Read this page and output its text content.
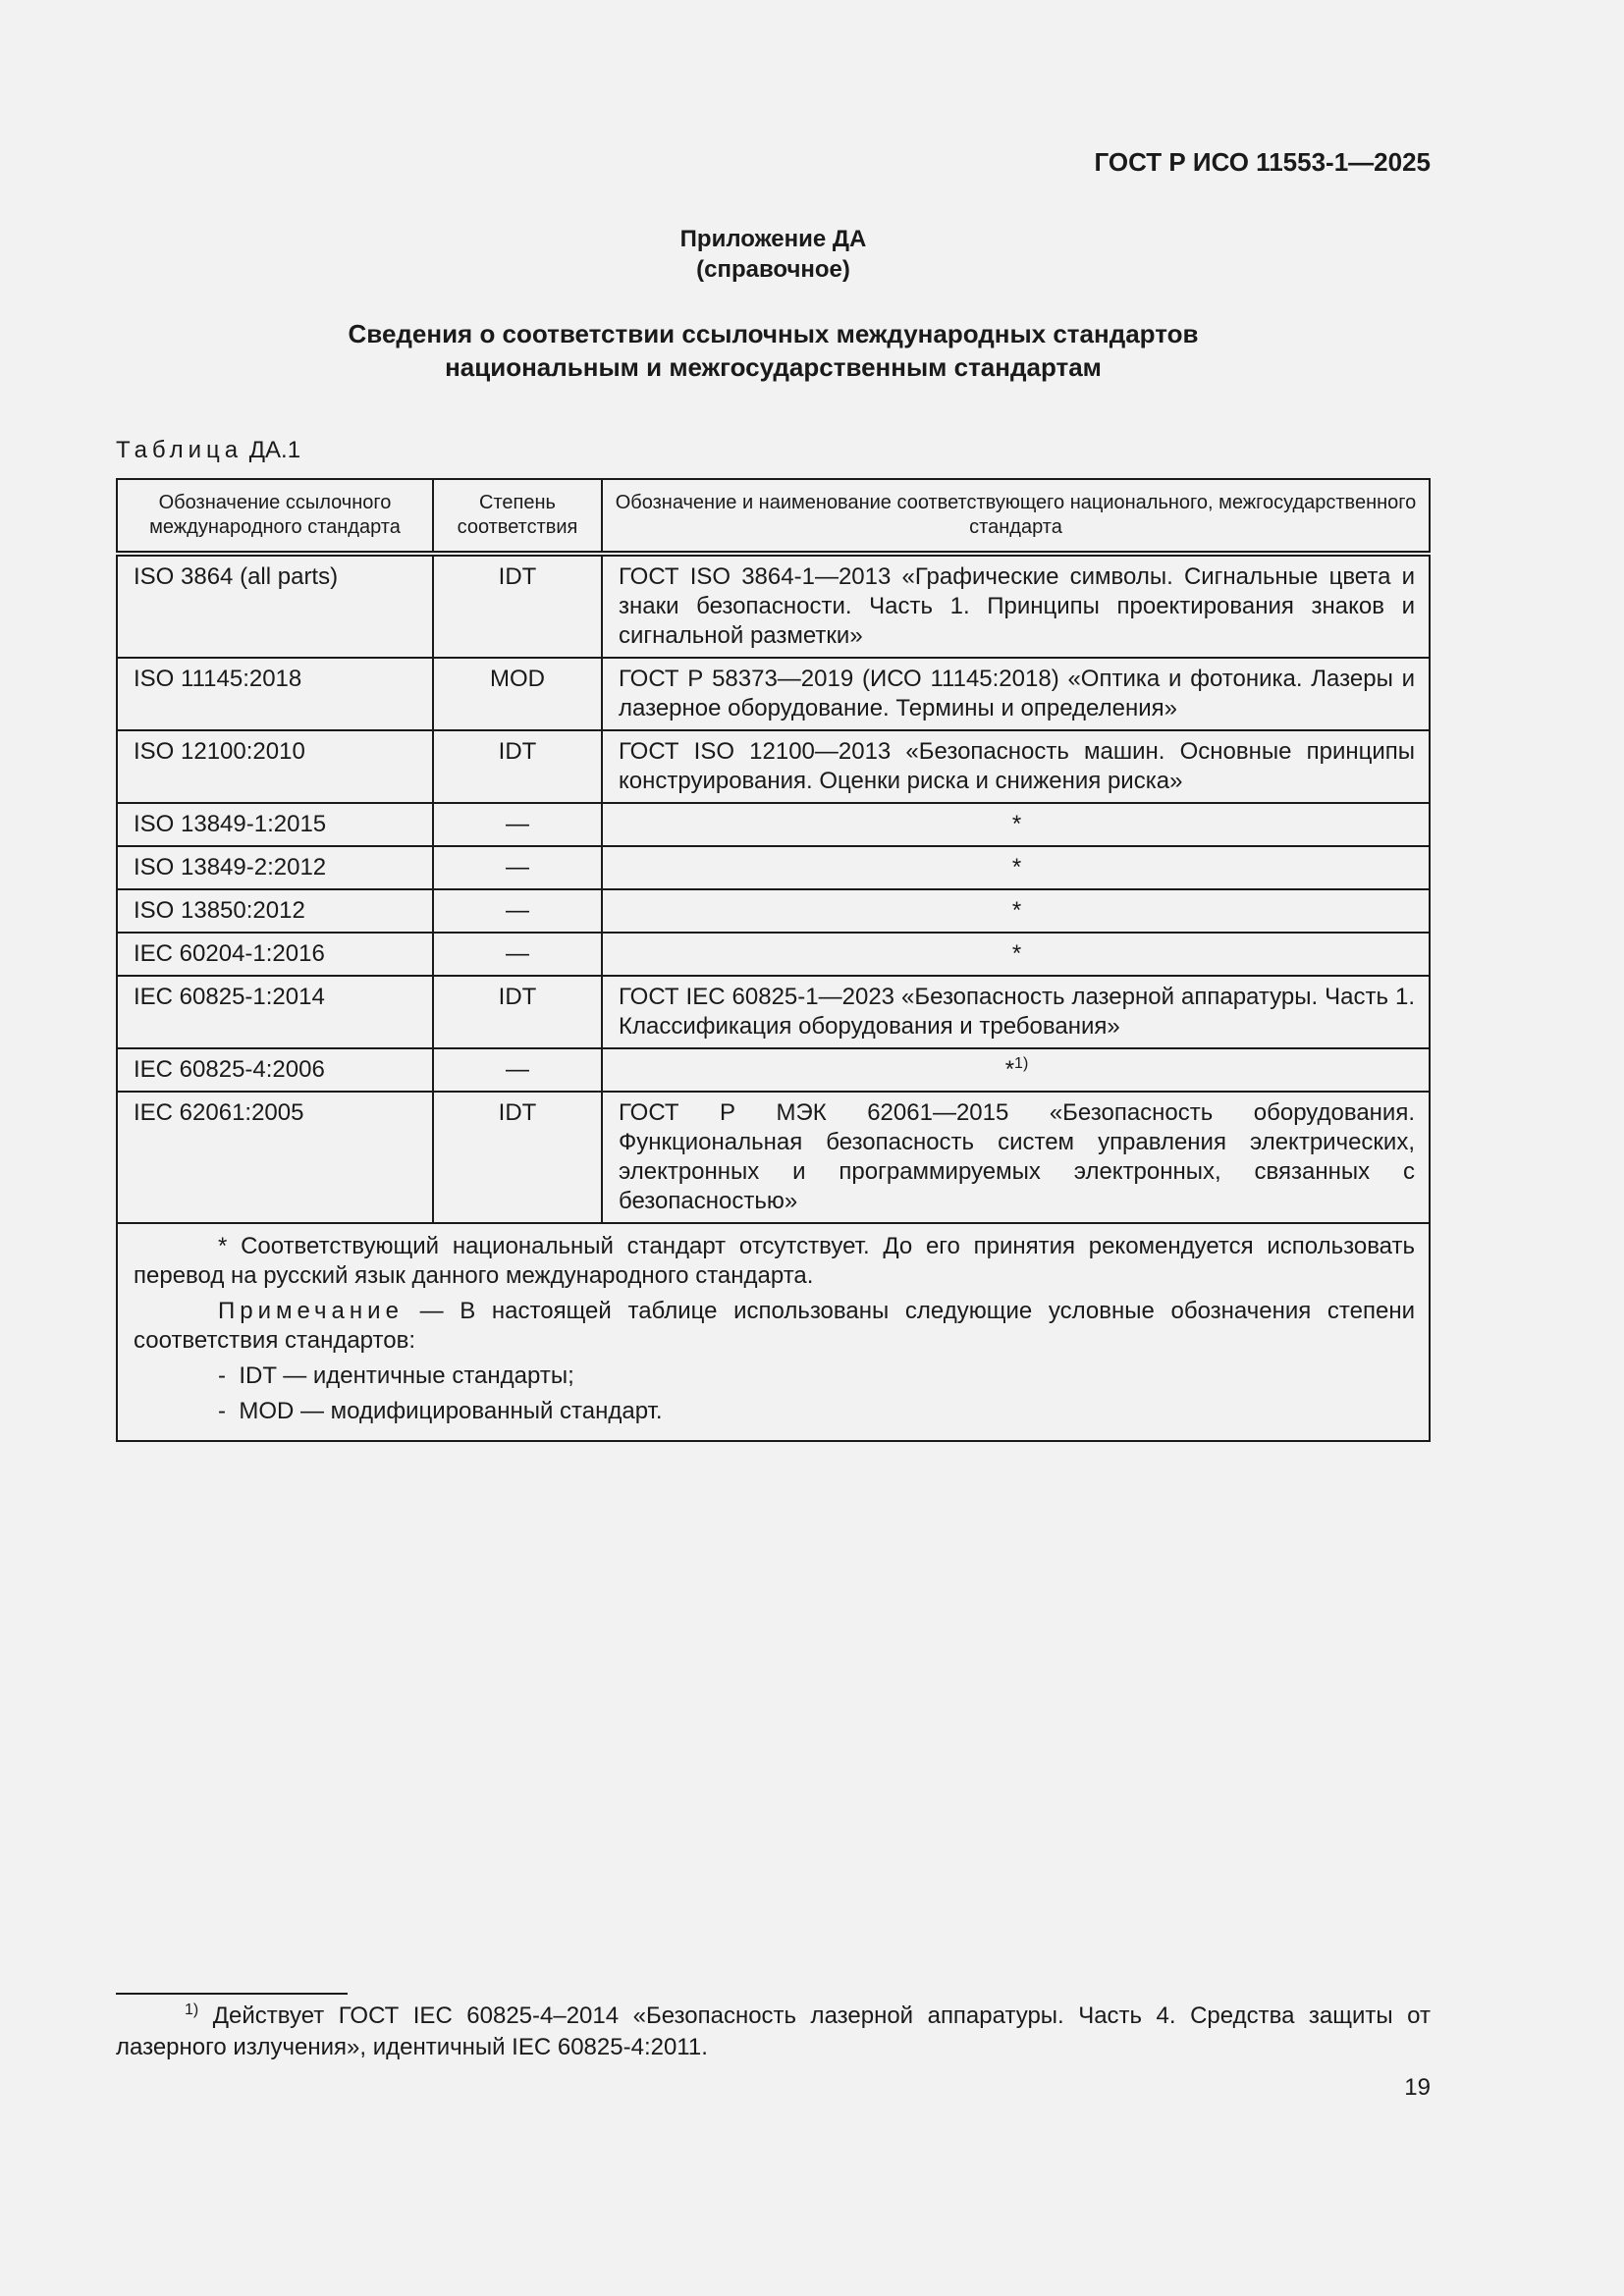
ГОСТ Р ИСО 11553-1—2025
Приложение ДА
(справочное)
Сведения о соответствии ссылочных международных стандартов
национальным и межгосударственным стандартам
Таблица ДА.1
Обозначение ссылочного международного стандарта	Степень соответствия	Обозначение и наименование соответствующего национального, межгосударственного стандарта
ISO 3864 (all parts)	IDT	ГОСТ ISO 3864-1—2013 «Графические символы. Сигнальные цвета и знаки безопасности. Часть 1. Принципы проектирования знаков и сигнальной разметки»
ISO 11145:2018	MOD	ГОСТ Р 58373—2019 (ИСО 11145:2018) «Оптика и фотоника. Лазеры и лазерное оборудование. Термины и определения»
ISO 12100:2010	IDT	ГОСТ ISO 12100—2013 «Безопасность машин. Основные принципы конструирования. Оценки риска и снижения риска»
ISO 13849-1:2015	—	*
ISO 13849-2:2012	—	*
ISO 13850:2012	—	*
IEC 60204-1:2016	—	*
IEC 60825-1:2014	IDT	ГОСТ IEC 60825-1—2023 «Безопасность лазерной аппаратуры. Часть 1. Классификация оборудования и требования»
IEC 60825-4:2006	—	*$^{1)}$
IEC 62061:2005	IDT	ГОСТ Р МЭК 62061—2015 «Безопасность оборудования. Функциональная безопасность систем управления электрических, электронных и программируемых электронных, связанных с безопасностью»

* Соответствующий национальный стандарт отсутствует. До его принятия рекомендуется использовать перевод на русский язык данного международного стандарта.

Примечание — В настоящей таблице использованы следующие условные обозначения степени соответствия стандартов:

-  IDT — идентичные стандарты;

-  MOD — модифицированный стандарт.		

$^{1)}$ Действует ГОСТ IEC 60825-4–2014 «Безопасность лазерной аппаратуры. Часть 4. Средства защиты от лазерного излучения», идентичный IEC 60825-4:2011.
19
